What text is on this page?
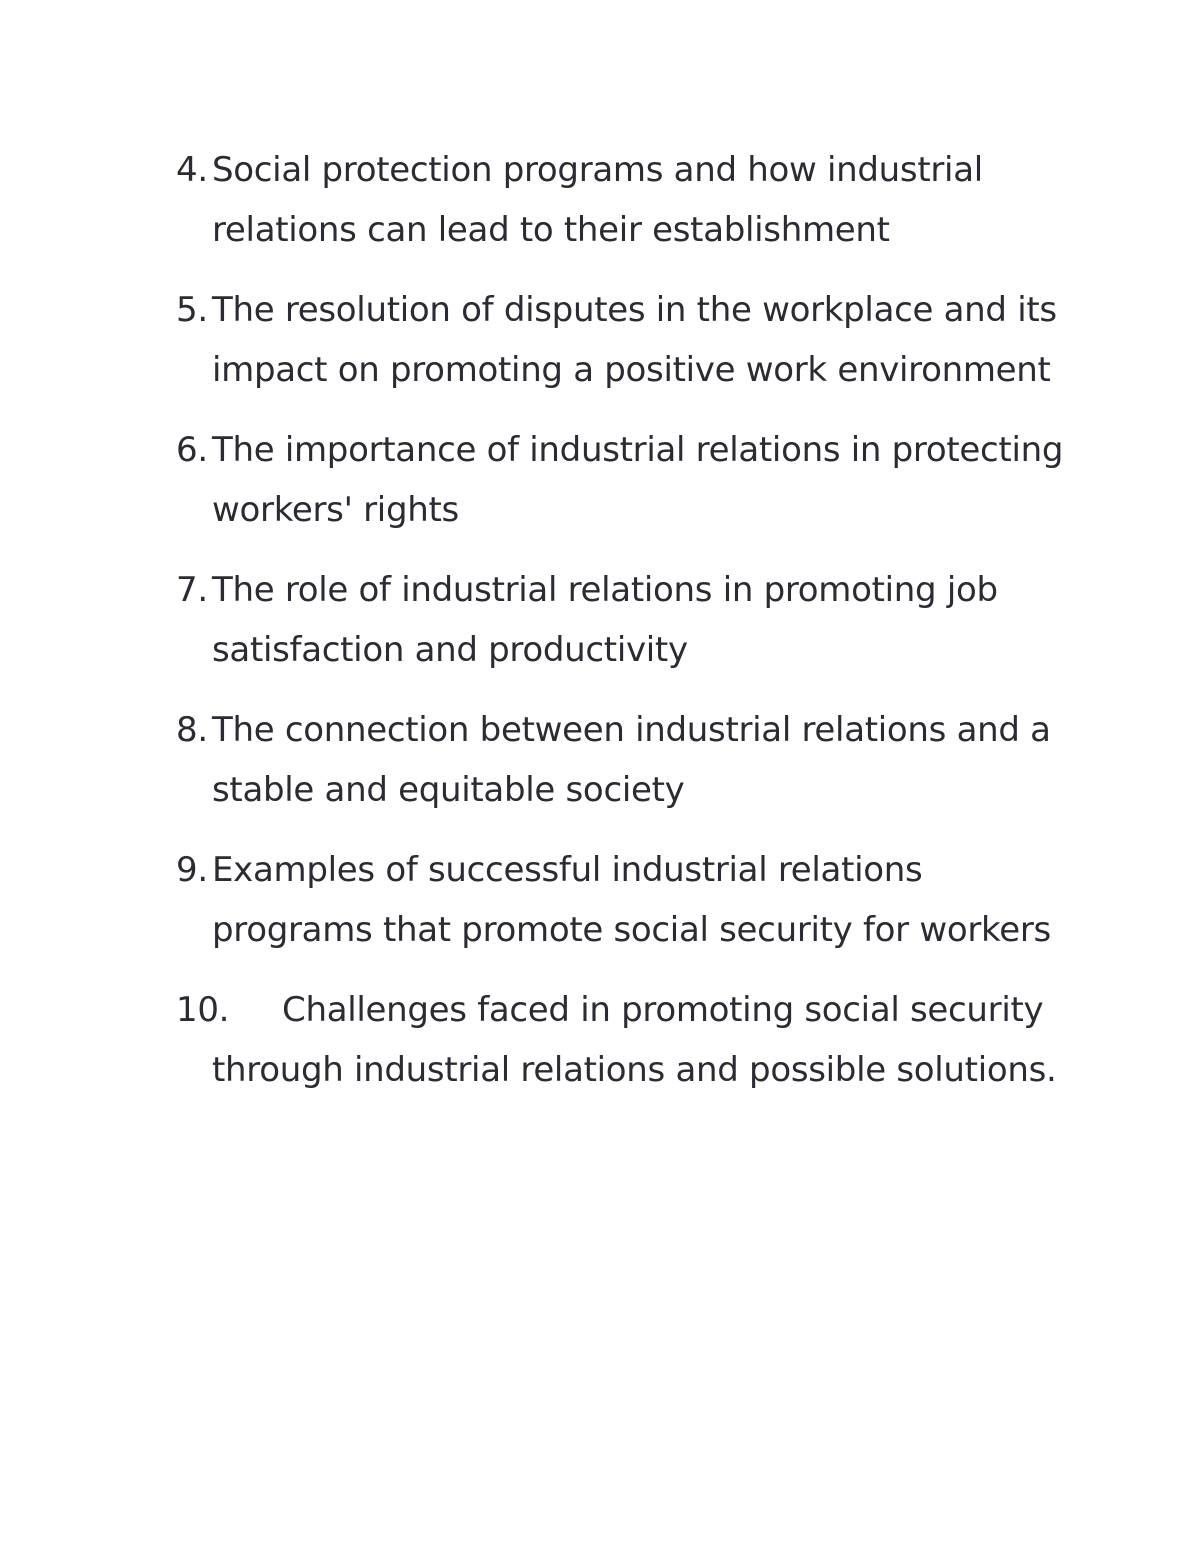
4. Social protection programs and how industrial relations can lead to their establishment
5. The resolution of disputes in the workplace and its impact on promoting a positive work environment
6. The importance of industrial relations in protecting workers' rights
7. The role of industrial relations in promoting job satisfaction and productivity
8. The connection between industrial relations and a stable and equitable society
9. Examples of successful industrial relations programs that promote social security for workers
10.	Challenges faced in promoting social security through industrial relations and possible solutions.
